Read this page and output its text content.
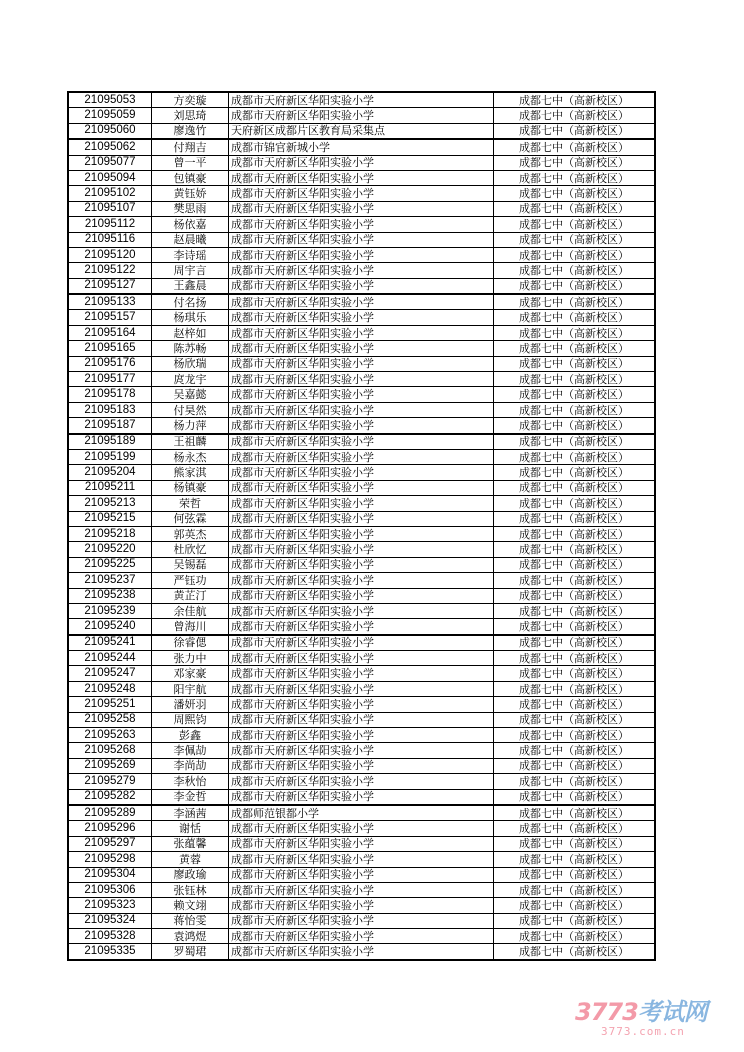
21095053	方奕璇	成都市天府新区华阳实验小学	成都七中（高新校区）
21095059	刘思琦	成都市天府新区华阳实验小学	成都七中（高新校区）
21095060	廖逸竹	天府新区成都片区教育局采集点	成都七中（高新校区）
21095062	付翔吉	成都市锦官新城小学	成都七中（高新校区）
21095077	曾一平	成都市天府新区华阳实验小学	成都七中（高新校区）
21095094	包镇豪	成都市天府新区华阳实验小学	成都七中（高新校区）
21095102	黄钰娇	成都市天府新区华阳实验小学	成都七中（高新校区）
21095107	樊思雨	成都市天府新区华阳实验小学	成都七中（高新校区）
21095112	杨依嘉	成都市天府新区华阳实验小学	成都七中（高新校区）
21095116	赵晨曦	成都市天府新区华阳实验小学	成都七中（高新校区）
21095120	李诗瑶	成都市天府新区华阳实验小学	成都七中（高新校区）
21095122	周宇言	成都市天府新区华阳实验小学	成都七中（高新校区）
21095127	王鑫晨	成都市天府新区华阳实验小学	成都七中（高新校区）
21095133	付名扬	成都市天府新区华阳实验小学	成都七中（高新校区）
21095157	杨琪乐	成都市天府新区华阳实验小学	成都七中（高新校区）
21095164	赵梓如	成都市天府新区华阳实验小学	成都七中（高新校区）
21095165	陈苏畅	成都市天府新区华阳实验小学	成都七中（高新校区）
21095176	杨欣瑞	成都市天府新区华阳实验小学	成都七中（高新校区）
21095177	庹龙宇	成都市天府新区华阳实验小学	成都七中（高新校区）
21095178	吴嘉懿	成都市天府新区华阳实验小学	成都七中（高新校区）
21095183	付昊然	成都市天府新区华阳实验小学	成都七中（高新校区）
21095187	杨力萍	成都市天府新区华阳实验小学	成都七中（高新校区）
21095189	王祖麟	成都市天府新区华阳实验小学	成都七中（高新校区）
21095199	杨永杰	成都市天府新区华阳实验小学	成都七中（高新校区）
21095204	熊家淇	成都市天府新区华阳实验小学	成都七中（高新校区）
21095211	杨镇豪	成都市天府新区华阳实验小学	成都七中（高新校区）
21095213	荣哲	成都市天府新区华阳实验小学	成都七中（高新校区）
21095215	何弦霖	成都市天府新区华阳实验小学	成都七中（高新校区）
21095218	郭英杰	成都市天府新区华阳实验小学	成都七中（高新校区）
21095220	杜欣忆	成都市天府新区华阳实验小学	成都七中（高新校区）
21095225	吴锡磊	成都市天府新区华阳实验小学	成都七中（高新校区）
21095237	严钰功	成都市天府新区华阳实验小学	成都七中（高新校区）
21095238	黄芷汀	成都市天府新区华阳实验小学	成都七中（高新校区）
21095239	余佳航	成都市天府新区华阳实验小学	成都七中（高新校区）
21095240	曾海川	成都市天府新区华阳实验小学	成都七中（高新校区）
21095241	徐睿偲	成都市天府新区华阳实验小学	成都七中（高新校区）
21095244	张力中	成都市天府新区华阳实验小学	成都七中（高新校区）
21095247	邓家豪	成都市天府新区华阳实验小学	成都七中（高新校区）
21095248	阳宇航	成都市天府新区华阳实验小学	成都七中（高新校区）
21095251	潘妍羽	成都市天府新区华阳实验小学	成都七中（高新校区）
21095258	周熙钧	成都市天府新区华阳实验小学	成都七中（高新校区）
21095263	彭鑫	成都市天府新区华阳实验小学	成都七中（高新校区）
21095268	李佩劼	成都市天府新区华阳实验小学	成都七中（高新校区）
21095269	李尚劼	成都市天府新区华阳实验小学	成都七中（高新校区）
21095279	李秋怡	成都市天府新区华阳实验小学	成都七中（高新校区）
21095282	李金哲	成都市天府新区华阳实验小学	成都七中（高新校区）
21095289	李涵茜	成都师范银都小学	成都七中（高新校区）
21095296	谢恬	成都市天府新区华阳实验小学	成都七中（高新校区）
21095297	张蕴馨	成都市天府新区华阳实验小学	成都七中（高新校区）
21095298	黄蓉	成都市天府新区华阳实验小学	成都七中（高新校区）
21095304	廖政瑜	成都市天府新区华阳实验小学	成都七中（高新校区）
21095306	张钰林	成都市天府新区华阳实验小学	成都七中（高新校区）
21095323	赖文翊	成都市天府新区华阳实验小学	成都七中（高新校区）
21095324	蒋怡雯	成都市天府新区华阳实验小学	成都七中（高新校区）
21095328	袁鸿煜	成都市天府新区华阳实验小学	成都七中（高新校区）
21095335	罗蜀珺	成都市天府新区华阳实验小学	成都七中（高新校区）
3773考试网
3773.com.cn
